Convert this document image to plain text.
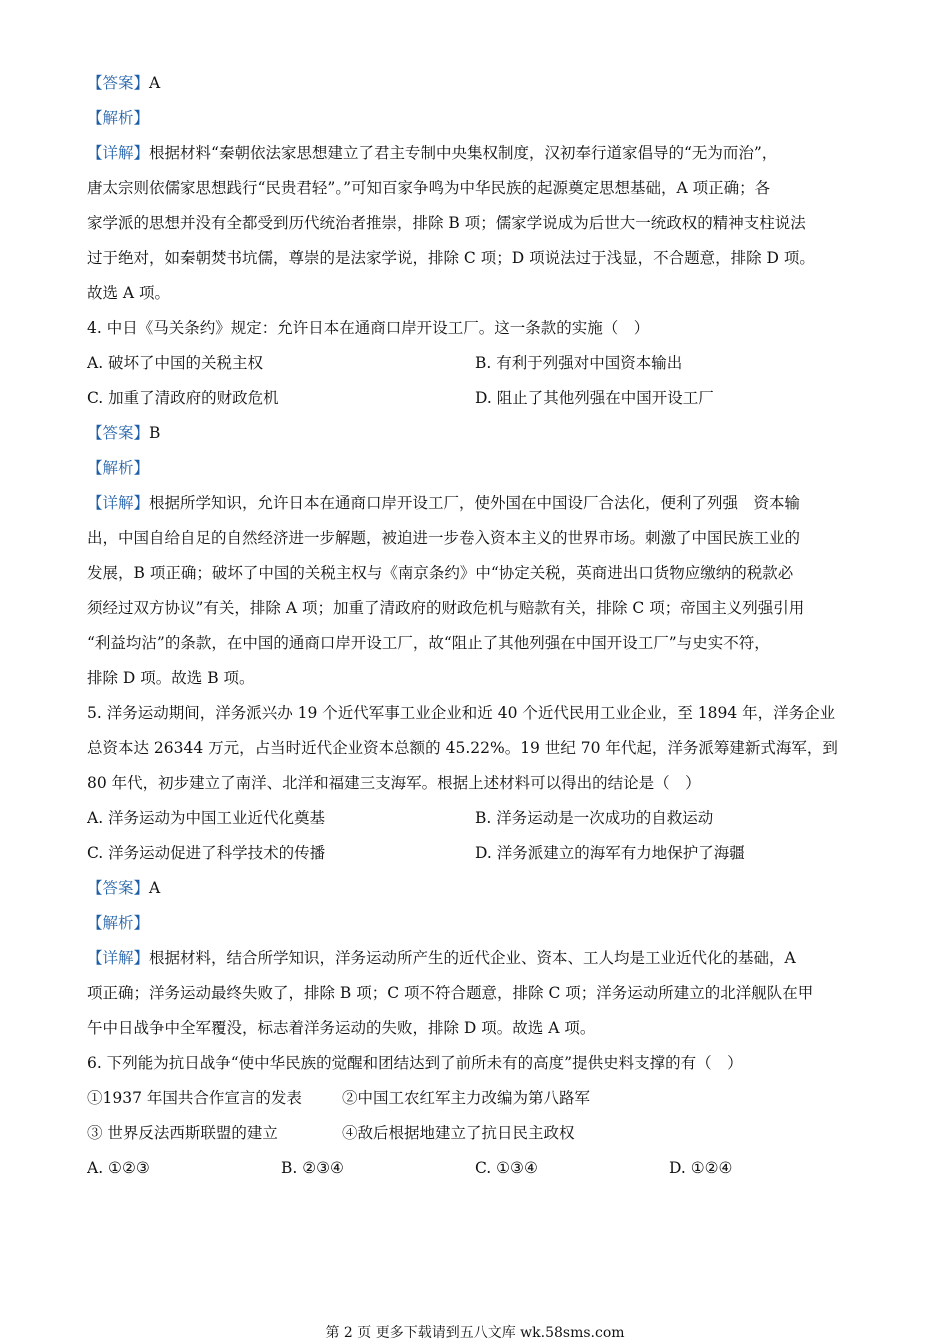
【答案】A

【解析】

【详解】根据材料“秦朝依法家思想建立了君主专制中央集权制度，汉初奉行道家倡导的“无为而治”，

唐太宗则依儒家思想践行“民贵君轻”。”可知百家争鸣为中华民族的起源奠定思想基础，A 项正确；各

家学派的思想并没有全都受到历代统治者推崇，排除 B 项；儒家学说成为后世大一统政权的精神支柱说法

过于绝对，如秦朝焚书坑儒，尊崇的是法家学说，排除 C 项；D 项说法过于浅显，不合题意，排除 D 项。

故选 A 项。

4. 中日《马关条约》规定：允许日本在通商口岸开设工厂。这一条款的实施（　）

A. 破坏了中国的关税主权	B. 有利于列强对中国资本输出
C. 加重了清政府的财政危机	D. 阻止了其他列强在中国开设工厂

【答案】B

【解析】

【详解】根据所学知识，允许日本在通商口岸开设工厂，使外国在中国设厂合法化，便利了列强　资本输

出，中国自给自足的自然经济进一步解题，被迫进一步卷入资本主义的世界市场。刺激了中国民族工业的

发展，B 项正确；破坏了中国的关税主权与《南京条约》中“协定关税，英商进出口货物应缴纳的税款必

须经过双方协议”有关，排除 A 项；加重了清政府的财政危机与赔款有关，排除 C 项；帝国主义列强引用

“利益均沾”的条款，在中国的通商口岸开设工厂，故“阻止了其他列强在中国开设工厂”与史实不符，

排除 D 项。故选 B 项。

5. 洋务运动期间，洋务派兴办 19 个近代军事工业企业和近 40 个近代民用工业企业，至 1894 年，洋务企业

总资本达 26344 万元，占当时近代企业资本总额的 45.22%。19 世纪 70 年代起，洋务派筹建新式海军，到

80 年代，初步建立了南洋、北洋和福建三支海军。根据上述材料可以得出的结论是（　）

A. 洋务运动为中国工业近代化奠基	B. 洋务运动是一次成功的自救运动
C. 洋务运动促进了科学技术的传播	D. 洋务派建立的海军有力地保护了海疆

【答案】A

【解析】

【详解】根据材料，结合所学知识，洋务运动所产生的近代企业、资本、工人均是工业近代化的基础，A

项正确；洋务运动最终失败了，排除 B 项；C 项不符合题意，排除 C 项；洋务运动所建立的北洋舰队在甲

午中日战争中全军覆没，标志着洋务运动的失败，排除 D 项。故选 A 项。

6. 下列能为抗日战争“使中华民族的觉醒和团结达到了前所未有的高度”提供史料支撑的有（　）

①1937 年国共合作宣言的发表	②中国工农红军主力改编为第八路军
③ 世界反法西斯联盟的建立	④敌后根据地建立了抗日民主政权
A. ①②③	B. ②③④	C. ①③④	D. ①②④
第 2 页 更多下载请到五八文库 wk.58sms.com
